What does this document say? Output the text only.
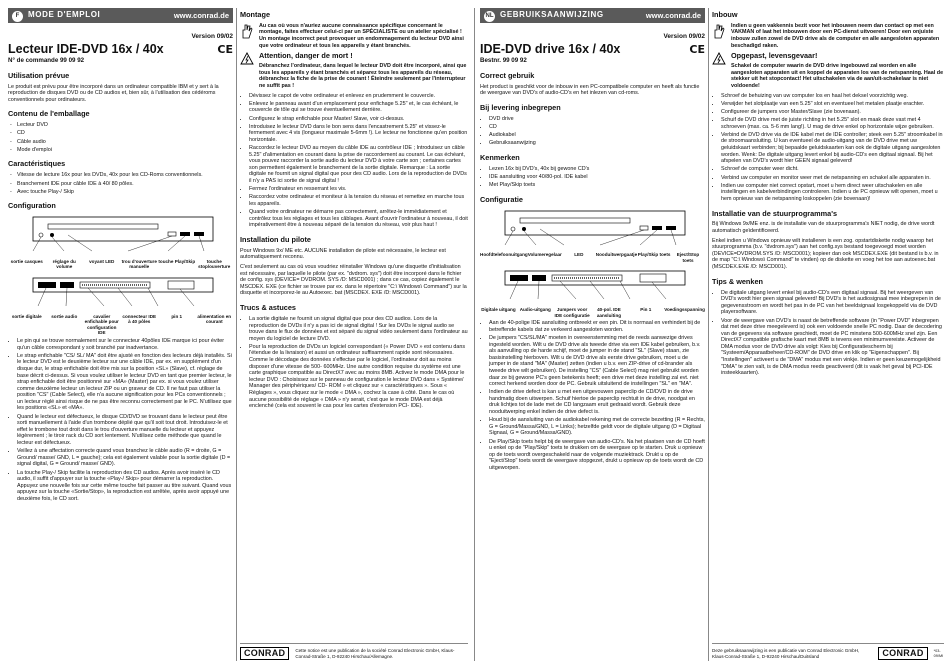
F MODE D'EMPLOI	www.conrad.de
Version 09/02
Lecteur IDE-DVD 16x / 40x	CE
N° de commande 99 09 92
Utilisation prévue

Le produit est prévu pour être incorporé dans un ordinateur compatible IBM et y sert à la reproduction de disques DVD ou de CD audios et, bien sûr, à l'utilisation des cédéroms conventionnels pour ordinateurs.

Contenu de l'emballage
- Lecteur DVD
- CD
- Câble audio
- Mode d'emploi
Caractéristiques
- Vitesse de lecture 16x pour les DVDs, 40x pour les CD-Roms conventionnels.
- Branchement IDE pour câble IDE à 40/ 80 pôles.
- Avec touche Play-/ Skip
Configuration
sortie casques	réglage du volume
voyant LED	trou d'ouverture manuelle
touche Play/Skip	touche stop/ouverture
sortie digitale	sortie audio	cavalier enfichable pour configuration IDE
connecteur IDE à 40 pôles
pin 1	alimentation en courant
• Le pin qui se trouve normalement sur le connecteur 40pôles IDE marque ici pour éviter qu'un câble correspondant y soit branché par inadvertance.
• Le strap enfichable "CS/ SL/ MA" doit être ajusté en fonction des lecteurs déjà installés. Si le lecteur DVD est le deuxième lecteur sur une câble IDE, par ex. en supplément d'un disque dur, le strap enfichable doit être mis sur la position «SL» (Slave), cf. réglage de base décrit ci-dessus. Si vous voulez utiliser le lecteur DVD en tant que premier lecteur, le strap enfichable doit être positionné sur «MA» (Master) par ex. si vous voulez utiliser comme deuxième lecteur un lecteur ZIP ou un graveur de CD. Il ne faut pas utiliser la position "CS" (Cable Select), elle n'a aucune signification pour les PCs conventionnels ; un lecteur réglé ainsi risque de ne pas être reconnu correctement par le PC. N'utilisez que les positions «SL» et «MA».
• Quand le lecteur est défectueux, le disque CD/DVD se trouvant dans le lecteur peut être sorti manuellement à l'aide d'un trombone déplié que qu'il soit tout droit. Introduisez-le et effet le trombone tout droit dans le trou d'ouverture manuelle du lecteur et appuyez légèrement ; le tiroir rack du CD sort lentement. N'utilisez cette méthode que quand le lecteur est défectueux.
• Veillez à une affectation correcte quand vous branchez le câble audio (R = droite, G = Ground/ masse/ GND, L = gauche); cela est également valable pour la sortie digitale (D = signal digital, G = Ground/ masse/ GND).
• La touche Play-/ Skip facilite la reproduction des CD audios. Après avoir inséré le CD audio, il suffit d'appuyer sur la touche «Play-/ Skip» pour démarrer la reproduction. Appuyez une nouvelle fois sur cette même touche fait passer au titre suivant. Quand vous appuyez sur la touche «Sortie/Stop», la reproduction est arrêtée, après avoir appuyé une deuxième fois, le CD sort.
Montage
Au cas où vous n'auriez aucune connaissance spécifique concernant le montage, faites effectuer celui-ci par un SPÉCIALISTE ou un atelier spécialisé ! Un montage incorrect peut provoquer un endommagement du lecteur DVD ainsi que votre ordinateur et tous les appareils y étant branchés.
Attention, danger de mort !
Débranchez l'ordinateur, dans lequel le lecteur DVD doit être incorporé, ainsi que tous les appareils y étant branchés et séparez tous les appareils du réseau, débranchez la fiche de la prise de courant ! Éteindre seulement par l'interrupteur ne suffit pas !
• Dévissez le capot de votre ordinateur et enlevez en prudemment le couvercle.
• Enlevez le panneau avant d'un emplacement pour enfichage 5.25" et, le cas échéant, le couvercle de tôle qui se trouve éventuellement derrière.
• Configurez le strap enfichable pour Master/ Slave, voir ci-dessus.
• Introduisez le lecteur DVD dans le bon sens dans l'encastrement 5.25" et vissez-le fermement avec 4 vis (longueur maximale 5-6mm !). Le lecteur ne fonctionne qu'en position horizontale.
• Raccordez le lecteur DVD au moyen du câble IDE au contrôleur IDE ; Introduisez un câble 5.25" d'alimentation en courant dans la prise de raccordement au courant. Le cas échéant, vous pouvez raccorder la sortie audio du lecteur DVD à votre carte son ; certaines cartes son permettent également le branchement de la sortie digitale. Remarque : La sortie digitale ne fournit un signal digital que pour des CD audio. Lors de la reproduction de DVDs il n'y a PAS ici sortie de signal digital !
• Fermez l'ordinateur en resserrant les vis.
• Raccordez votre ordinateur et moniteur à la tension du réseau et remettez en marche tous les appareils.
• Quand votre ordinateur ne démarre pas correctement, arrêtez-le immédiatement et contrôlez tous les réglages et tous les câblages. Avant d'ouvrir l'ordinateur à nouveau, il doit impérativement être à nouveau séparé de la tension du réseau, voir plus haut !
Installation du pilote

Pour Windows 9x/ ME etc. AUCUNE installation de pilote est nécessaire, le lecteur est automatiquement reconnu.

C'est seulement au cas où vous voudriez réinstaller Windows qu'une disquette d'initialisation est nécessaire, par laquelle le pilote (par ex. "dvdrom. sys") doit être incorporé dans le fichier de config. sys (DEVICE= DVDROM. SYS /D: MSCD001) ; dans ce cas, copiez également le MSCDEX. EXE (ce fichier se trouve par ex. dans le répertoire "C:\ Windows\ Command") sur la disquette et incorporez-le au Autoexec. bat (MSCDEX. EXE /D: MSCD001).

Trucs & astuces
• La sortie digitale ne fournit un signal digital que pour des CD audios. Lors de la reproduction de DVDs il n'y a pas ici de signal digital ! Sur les DVDs le signal audio se trouve dans le flux de données et est séparé du signal vidéo seulement dans l'ordinateur au moyen du logiciel de lecture DVD.
• Pour la reproduction de DVDs un logiciel correspondant (« Power DVD » est contenu dans l'étendue de la livraison) et aussi un ordinateur suffisamment rapide sont nécessaires. Comme le décodage des données s'effectue par le logiciel, l'ordinateur doit au moins disposer d'une vitesse de 500- 600MHz. Une autre condition requise du système est une carte graphique compatible au DirectX7 avec au moins 8MB. Activez le mode DMA pour le lecteur DVD : Choisissez sur le panneau de configuration le lecteur DVD dans « Système/ Manager des périphériques/ CD- ROM » et cliquez sur « caractéristiques ». Sous « Réglages », vous cliquez sur le mode « DMA », cochez la case à côté. Dans le cas où aucune possibilité de réglage « DMA » n'y serait, c'est que le mode DMA est déjà enclenché (cela est souvent le cas pour les cartes d'extension PCI- IDE).
CONRAD	Cette notice est une publication de la société Conrad Electronic GmbH, Klaus-Conrad-Straße 1, D-92240 Hirschau/Allemagne.
NL GEBRUIKSAANWIJZING	www.conrad.de
Version 09/02
IDE-DVD drive 16x / 40x	CE
Bestnr. 99 09 92
Correct gebruik

Het product is geschikt voor de inbouw in een PC-compatibele computer en heeft als functie de weergave van DVD's of audio-CD's en het inlezen van cd-roms.

Bij levering inbegrepen
• DVD drive
• CD
• Audiokabel
• Gebruiksaanwijzing
Kenmerken
• Lezen 16x bij DVD's, 40x bij gewone CD's
• IDE aansluiting voor 40/80-pol. IDE kabel
• Met Play/Skip toets
Configuratie
Hoofdtelefoonuitgang Volumeregelaar	LED	Nooduitwerpgaatje Play/Skip toets	Eject/Stop toets
Digitale uitgang Audio-uitgang	Jumpers voor IDE configuratie
40-pol. IDE aansluiting
Pin 1	Voedingsspanning
• Aan de 40-polige IDE aansluiting ontbreekt er een pin. Dit is normaal en verhindert bij de betreffende kabels dat ze verkeerd aangesloten worden.
• De jumpers "CS/SL/MA" moeten in overeenstemming met de reeds aanwezige drives ingesteld worden. Wilt u de DVD drive als tweede drive via een IDE kabel gebruiken, b.v. als aanvulling op de harde schijf, moet de jumper in de stand "SL" (Slave) staan, zie basisinstelling hierboven. Wilt u de DVD drive als eerste drive gebruiken, moet u de jumper in de stand "MA" (Master) zetten (indien u b.v. een ZIP-drive of cd-brander als tweede drive wilt gebruiken). De instelling "CS" (Cable Select) mag niet gebruikt worden daar ze bij gewone PC's geen betekenis heeft; een drive met deze instelling zal evt. niet correct herkend worden door de PC. Gebruik uitsluitend de instellingen "SL" en "MA".
• Indien de drive defect is kan u met een uitgevouwen paperclip de CD/DVD in de drive handmatig doen uitwerpen. Schuif hiertoe de paperclip rechtuit in de drive, noodgat en druk lichtjes tot de lade met de CD langzaam eruit gedraaid wordt. Gebruik deze nooduitwerping enkel indien de drive defect is.
• Houd bij de aansluiting van de audiokabel rekening met de correcte bezetting (R = Rechts, G = Ground/Massa/GND, L = Links); hetzelfde geldt voor de digitale uitgang (D = Digitaal Signaal, G = Ground/Massa/GND).
• De Play/Skip toets helpt bij de weergave van audio-CD's. Na het plaatsen van de CD hoeft u enkel op de "Play/Skip" toets te drukken om de weergave op te starten. Druk u opnieuw op de toets wordt overgeschakeld naar de volgende muziektrack. Drukt u op de "Eject/Stop" toets wordt de weergave stopgezet, drukt u opnieuw op de toets wordt de CD uitgeworpen.
Inbouw
Indien u geen vakkennis bezit voor het inbouwen neem dan contact op met een VAKMAN of laat het inbouwen door een PC-dienst uitvoeren! Door een onjuiste inbouw zullen zowel de DVD drive als de computer en alle aangesloten apparaten beschadigd raken.
Opgepast, levensgevaar!
Schakel de computer waarin de DVD drive ingebouwd zal worden en alle aangesloten apparaten uit en koppel de apparaten los van de netspanning. Haal de stekker uit het stopcontact! Het uitschakelen via de aan/uit-schakelaar is niet voldoende!
• Schroef de behuizing van uw computer los en haal het deksel voorzichtig weg.
• Verwijder het slotplaatje van een 5.25" slot en eventueel het metalen plaatje erachter.
• Configureer de jumpers voor Master/Slave (zie bovenaan).
• Schuif de DVD drive met de juiste richting in het 5.25" slot en maak deze vast met 4 schroeven (max. ca. 5-6 mm lang!). U mag de drive enkel op horizontale wijze gebruiken.
• Verbind de DVD drive via de IDE kabel met de IDE controller; steek een 5.25" stroomkabel in de stroomaansluiting. U kan eventueel de audio-uitgang van de DVD drive met uw geluidskaart verbinden; bij bepaalde geluidskaarten kan ook de digitale uitgang aangesloten worden. Wenk: De digitale uitgang levert enkel bij audio-CD's een digitaal signaal. Bij het afspelen van DVD's wordt hier GEEN signaal geleverd!
• Schroef de computer weer dicht.
• Verbind uw computer en monitor weer met de netspanning en schakel alle apparaten in.
• Indien uw computer niet correct opstart, moet u hem direct weer uitschakelen en alle instellingen en kabelverbindingen controleren. Indien u de PC opnieuw wilt openen, moet u hem opnieuw van de netspanning loskoppelen (zie bovenaan)!
Installatie van de stuurprogramma's

Bij Windows 9x/ME enz. is de installatie van de stuurprogramma's NIET nodig, de drive wordt automatisch geïdentificeerd.

Enkel indien u Windows opnieuw wilt installeren is een zog. opstartdiskette nodig waarop het stuurprogramma (b.v. "dvdrom.sys") aan het config.sys bestand toegevoegd moet worden (DEVICE=DVDROM.SYS /D: MSCD001); kopieer dan ook MSCDEX.EXE (dit bestand is b.v. in de map "C:\ Windows\ Command" te vinden) op de diskette en voeg het toe aan autoexec.bat (MSCDEX.EXE /D: MSCD001).

Tips & wenken
• De digitale uitgang levert enkel bij audio-CD's een digitaal signaal. Bij het weergeven van DVD's wordt hier geen signaal geleverd! Bij DVD's is het audiosignaal mee inbegrepen in de gegevensstroom en wordt het pas in de PC van het beeldsignaal losgekoppeld via de DVD playersoftware.
• Voor de weergave van DVD's is naast de betreffende software (in "Power DVD" inbegrepen dat met deze drive meegeleverd is) ook een voldoende snelle PC nodig. Daar de decodering van de gegevens via software geschiedt, moet de PC minstens 500-600MHz snel zijn. Een DirectX7 compatible grafische kaart met 8MB is tevens een minimumvereiste. Activeer de DMA modus voor de DVD drive als volgt: Kies bij Configuratiescherm bij "Systeem/Apparaatbeheer/CD-ROM" de DVD drive en klik op "Eigenschappen". Bij "Instellingen" activeert u de "DMA" modus met een vinkje. Indien er geen keuzemogelijkheid "DMA" te zien valt, is de DMA modus reeds geactiveerd (dit is vaak het geval bij PCI-IDE insteekkaarten).
Deze gebruiksaanwijzing is een publicatie van Conrad Electronic GmbH, Klaus-Conrad-Straße 1, D-92240 Hirschau/Duitsland	CONRAD	*03-09/MI
